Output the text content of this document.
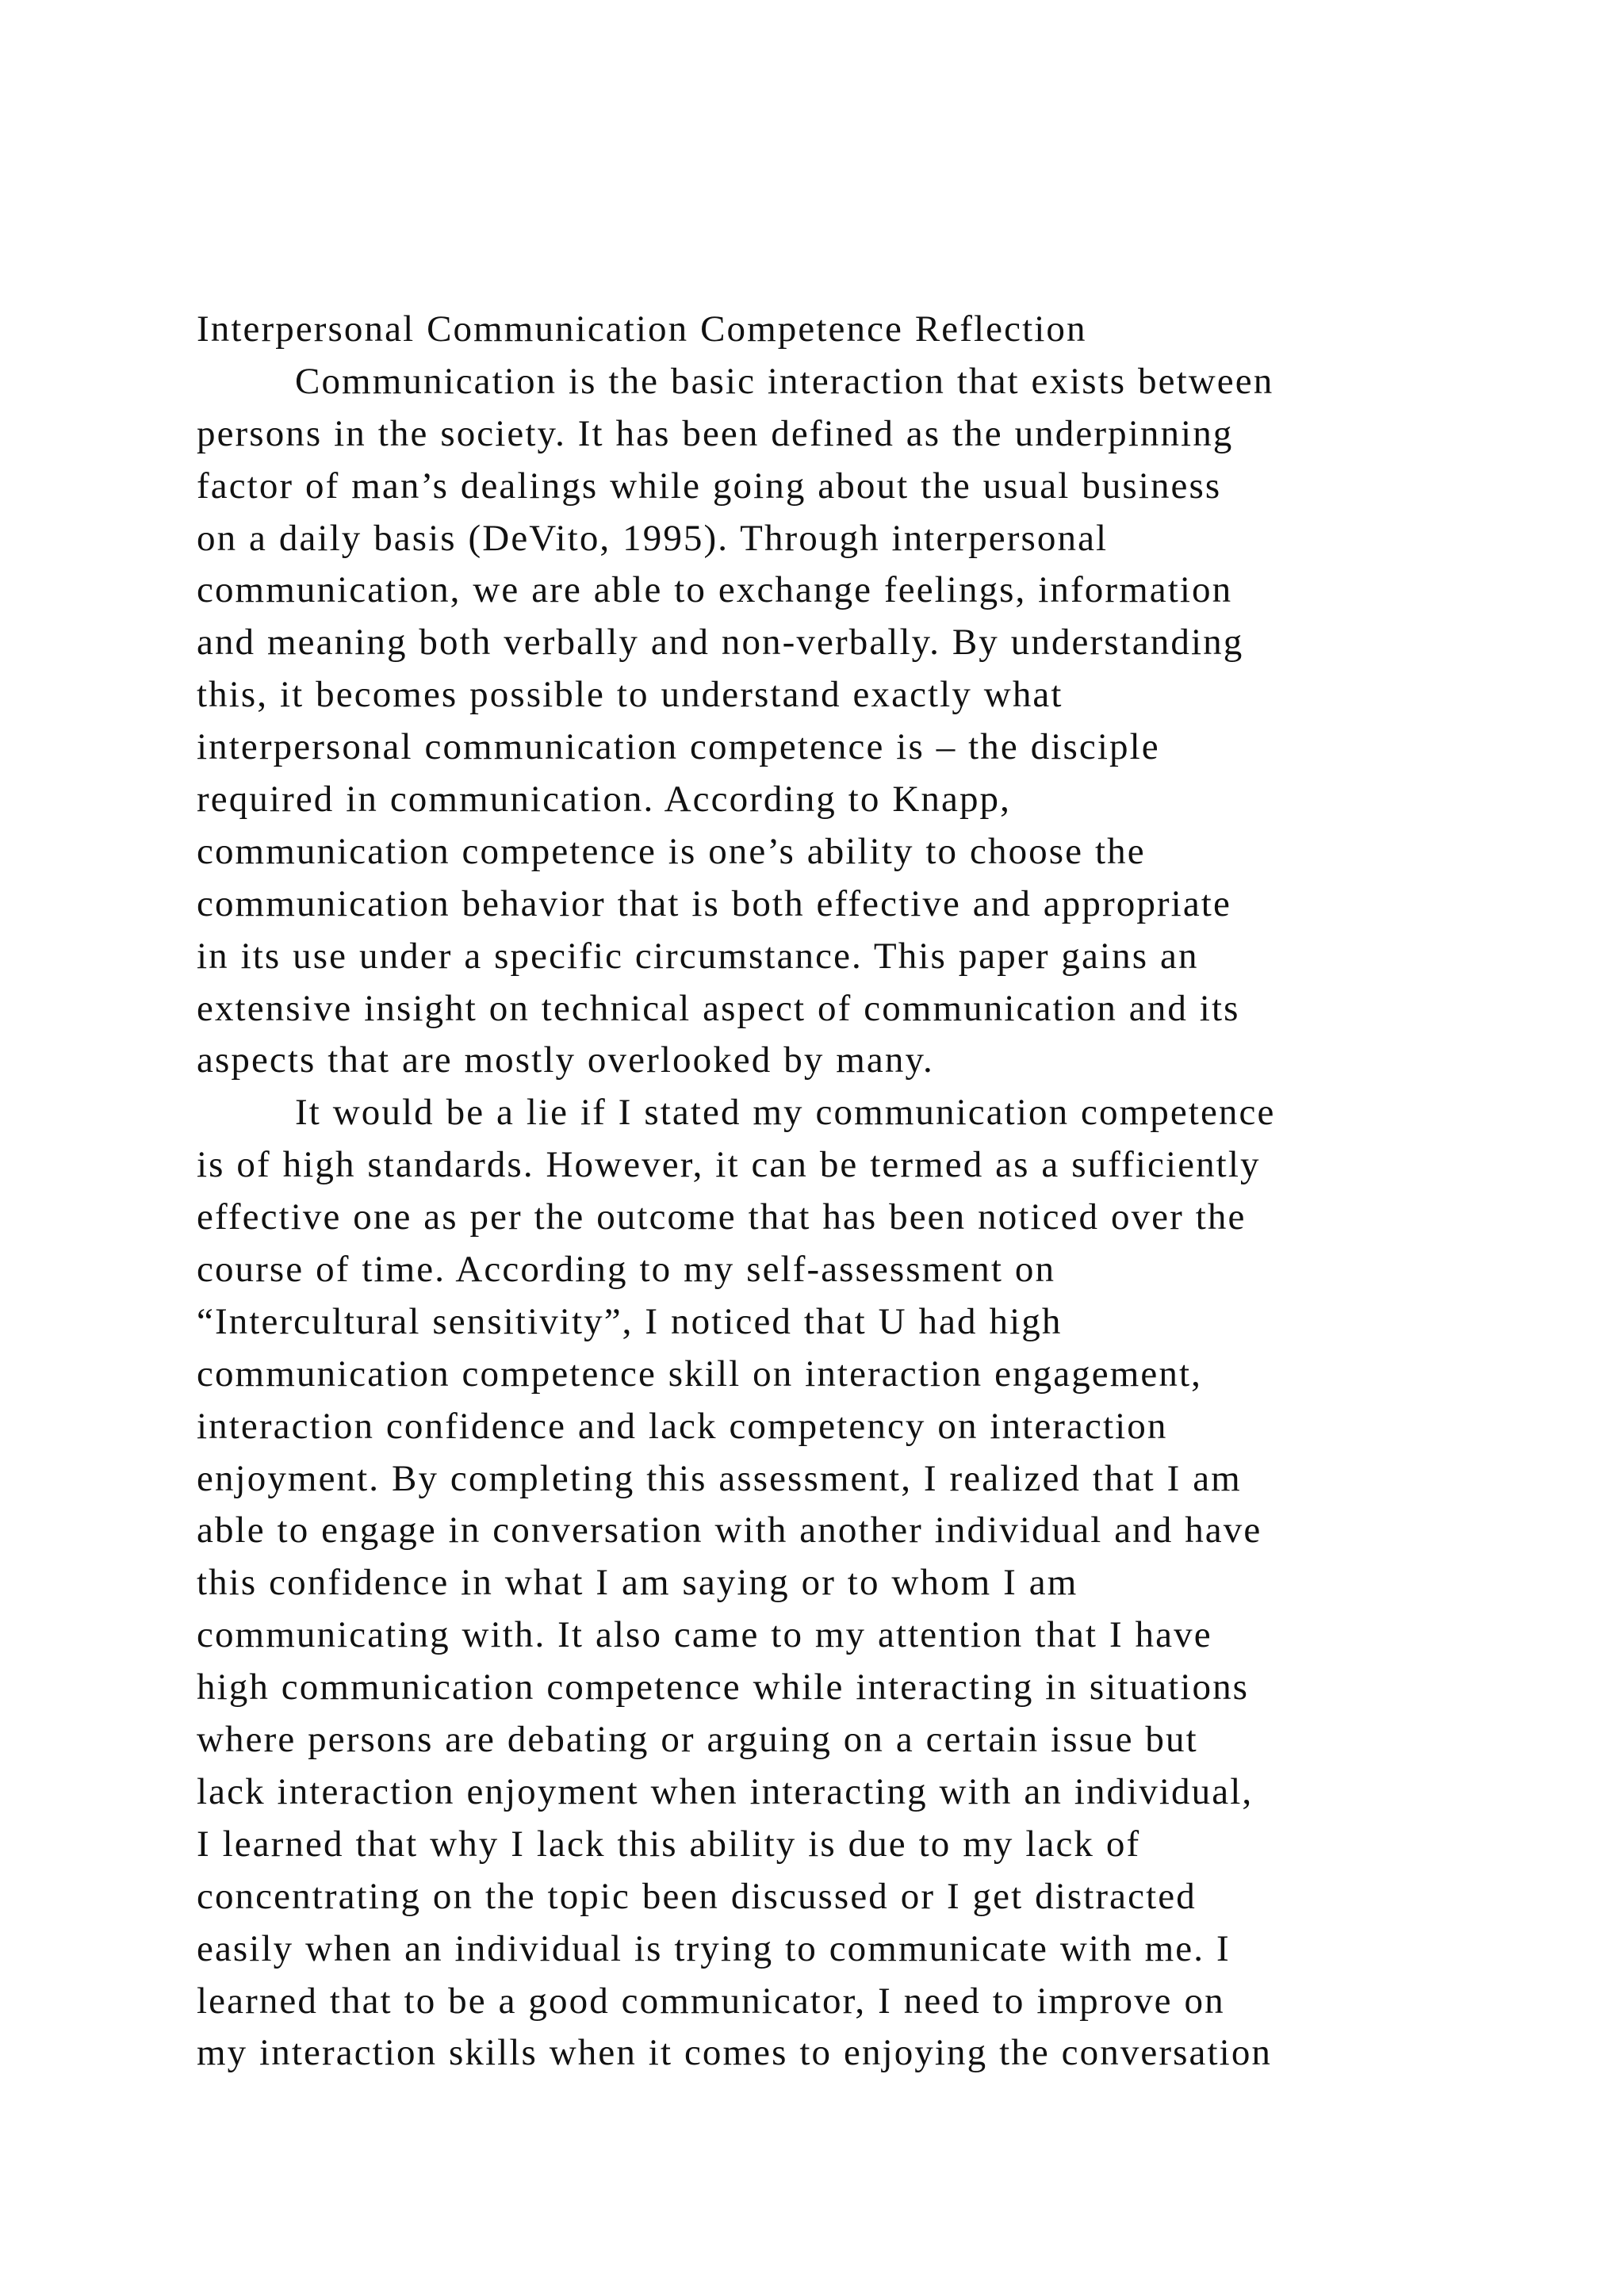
Interpersonal Communication Competence Reflection
Communication is the basic interaction that exists between
persons in the society. It has been defined as the underpinning
factor of man’s dealings while going about the usual business
on a daily basis (DeVito, 1995). Through interpersonal
communication, we are able to exchange feelings, information
and meaning both verbally and non-verbally. By understanding
this, it becomes possible to understand exactly what
interpersonal communication competence is – the disciple
required in communication. According to Knapp,
communication competence is one’s ability to choose the
communication behavior that is both effective and appropriate
in its use under a specific circumstance. This paper gains an
extensive insight on technical aspect of communication and its
aspects that are mostly overlooked by many.
It would be a lie if I stated my communication competence
is of high standards. However, it can be termed as a sufficiently
effective one as per the outcome that has been noticed over the
course of time. According to my self-assessment on
“Intercultural sensitivity”, I noticed that U had high
communication competence skill on interaction engagement,
interaction confidence and lack competency on interaction
enjoyment. By completing this assessment, I realized that I am
able to engage in conversation with another individual and have
this confidence in what I am saying or to whom I am
communicating with. It also came to my attention that I have
high communication competence while interacting in situations
where persons are debating or arguing on a certain issue but
lack interaction enjoyment when interacting with an individual,
I learned that why I lack this ability is due to my lack of
concentrating on the topic been discussed or I get distracted
easily when an individual is trying to communicate with me. I
learned that to be a good communicator, I need to improve on
my interaction skills when it comes to enjoying the conversation
